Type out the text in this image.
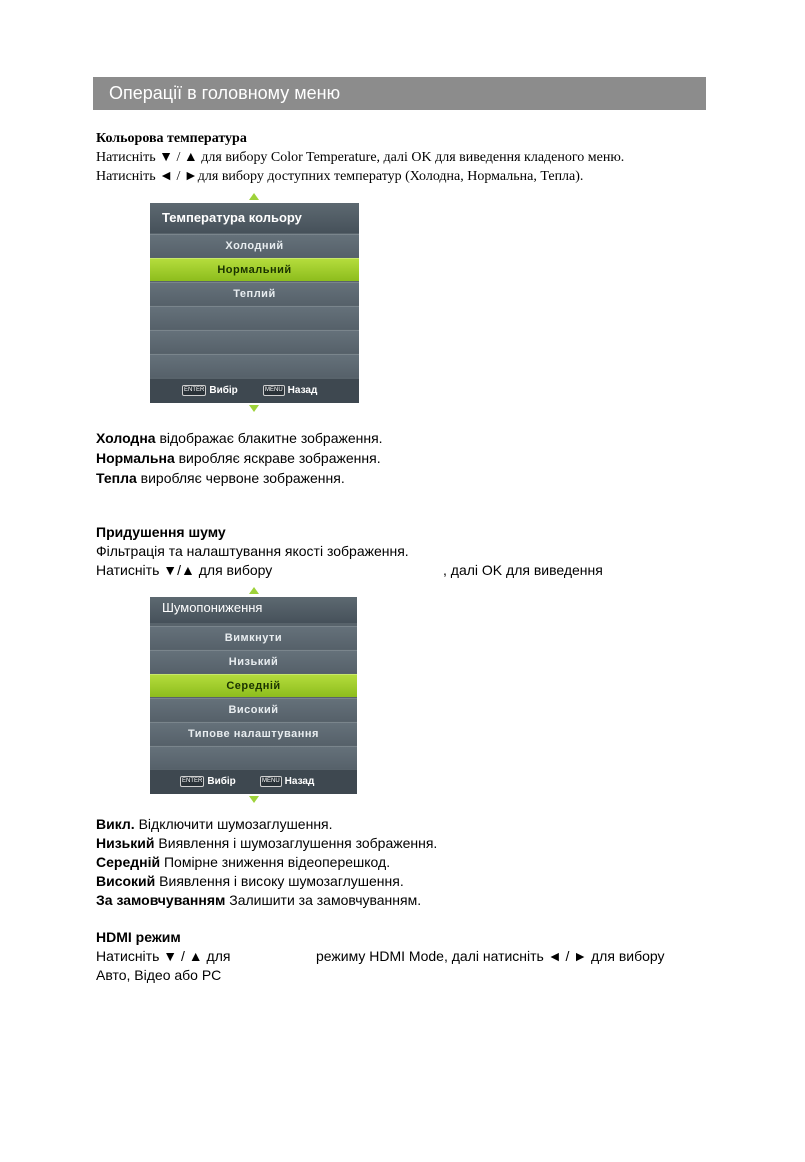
Операції в головному меню
Кольорова температура
Натисніть ▼ / ▲ для вибору Color Temperature, далі OK для виведення кладеного меню.
Натисніть ◄ / ►для вибору доступних температур (Холодна, Нормальна, Тепла).
Температура кольору
Холодний
Нормальний
Теплий
ENTER Вибір	MENU Назад
Холодна відображає блакитне зображення.
Нормальна виробляє яскраве зображення.
Тепла виробляє червоне зображення.
Придушення шуму
Фільтрація та налаштування якості зображення.
Натисніть ▼/▲ для вибору	, далі OK для виведення
Шумопониження
Вимкнути
Низький
Середній
Високий
Типове налаштування
ENTER Вибір	MENU Назад
Викл. Відключити шумозаглушення.
Низький Виявлення і шумозаглушення зображення.
Середній Помірне зниження відеоперешкод.
Високий Виявлення і високу шумозаглушення.
За замовчуванням Залишити за замовчуванням.
HDMI режим
Натисніть ▼ / ▲ для	режиму HDMI Mode, далі натисніть ◄ / ► для вибору
Авто, Відео або PC
